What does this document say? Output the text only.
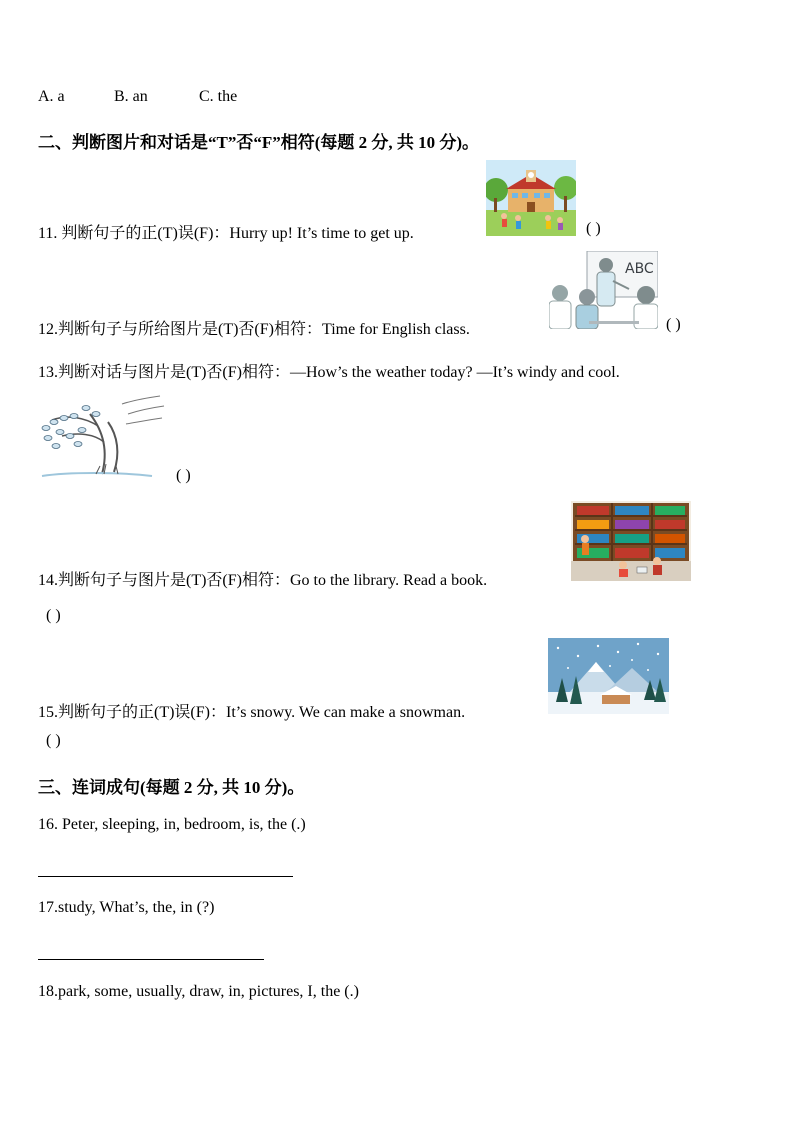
A. a	B. an	C. the
二、判断图片和对话是“T”否“F”相符(每题 2 分, 共 10 分)。
11. 判断句子的正(T)误(F)：Hurry up! It’s time to get up.	( )
12.判断句子与所给图片是(T)否(F)相符：Time for English class.
ABC
( )
13.判断对话与图片是(T)否(F)相符：—How’s the weather today? —It’s windy and cool.
( )
14.判断句子与图片是(T)否(F)相符：Go to the library. Read a book.
( )
15.判断句子的正(T)误(F)：It’s snowy. We can make a snowman.
( )
三、连词成句(每题 2 分, 共 10 分)。
16. Peter, sleeping, in, bedroom, is, the (.)
17.study, What’s, the, in (?)
18.park, some, usually, draw, in, pictures, I, the (.)
